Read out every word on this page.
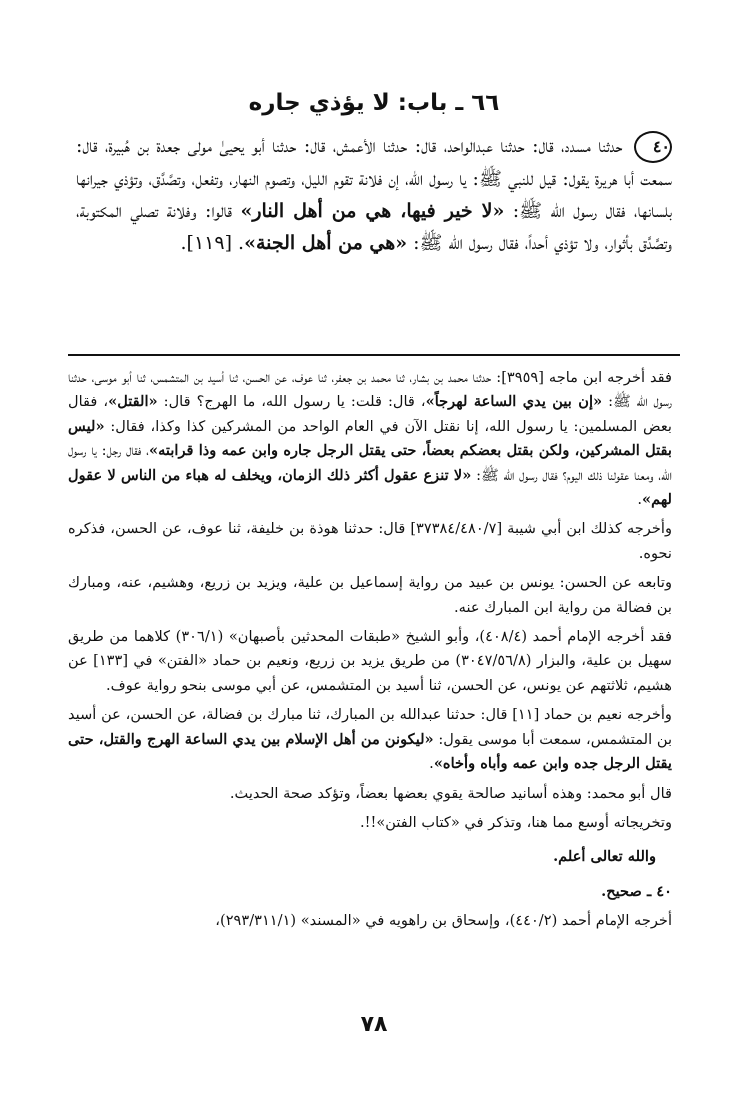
٦٦ ـ باب: لا يؤذي جاره
٤٠ حدثنا مسدد، قال: حدثنا عبدالواحد، قال: حدثنا الأعمش، قال: حدثنا أبو يحيىٰ مولى جعدة بن هُبيرة، قال: سمعت أبا هريرة يقول: قيل للنبي ﷺ: يا رسول الله، إن فلانة تقوم الليل، وتصوم النهار، وتفعل، وتصَّدَّق، وتؤذي جيرانها بلسانها، فقال رسول الله ﷺ: «لا خير فيها، هي من أهل النار» قالوا: وفلانة تصلي المكتوبة، وتصَّدَّق بأثوار، ولا تؤذي أحداً، فقال رسول الله ﷺ: «هي من أهل الجنة». [١١٩].

فقد أخرجه ابن ماجه [٣٩٥٩]: حدثنا محمد بن بشار، ثنا محمد بن جعفر، ثنا عوف، عن الحسن، ثنا أسيد بن المتشمس، ثنا أبو موسى، حدثنا رسول الله ﷺ: «إن بين يدي الساعة لهرجاً»، قال: قلت: يا رسول الله، ما الهرج؟ قال: «القتل»، فقال بعض المسلمين: يا رسول الله، إنا نقتل الآن في العام الواحد من المشركين كذا وكذا، فقال: «ليس بقتل المشركين، ولكن بقتل بعضكم بعضاً، حتى يقتل الرجل جاره وابن عمه وذا قرابته»، فقال رجل: يا رسول الله، ومعنا عقولنا ذلك اليوم؟ فقال رسول الله ﷺ: «لا تنزع عقول أكثر ذلك الزمان، ويخلف له هباء من الناس لا عقول لهم».

وأخرجه كذلك ابن أبي شيبة [٣٧٣٨٤/٤٨٠/٧] قال: حدثنا هوذة بن خليفة، ثنا عوف، عن الحسن، فذكره نحوه.

وتابعه عن الحسن: يونس بن عبيد من رواية إسماعيل بن علية، ويزيد بن زريع، وهشيم، عنه، ومبارك بن فضالة من رواية ابن المبارك عنه.

فقد أخرجه الإمام أحمد (٤٠٨/٤)، وأبو الشيخ «طبقات المحدثين بأصبهان» (٣٠٦/١) كلاهما من طريق سهيل بن علية، والبزار (٣٠٤٧/٥٦/٨) من طريق يزيد بن زريع، ونعيم بن حماد «الفتن» في [١٣٣] عن هشيم، ثلاثتهم عن يونس، عن الحسن، ثنا أسيد بن المتشمس، عن أبي موسى بنحو رواية عوف.

وأخرجه نعيم بن حماد [١١] قال: حدثنا عبدالله بن المبارك، ثنا مبارك بن فضالة، عن الحسن، عن أسيد بن المتشمس، سمعت أبا موسى يقول: «ليكونن من أهل الإسلام بين يدي الساعة الهرج والقتل، حتى يقتل الرجل جده وابن عمه وأباه وأخاه».

قال أبو محمد: وهذه أسانيد صالحة يقوي بعضها بعضاً، وتؤكد صحة الحديث.

وتخريجاته أوسع مما هنا، وتذكر في «كتاب الفتن»!!.

والله تعالى أعلم.

٤٠ ـ صحيح.

أخرجه الإمام أحمد (٤٤٠/٢)، وإسحاق بن راهويه في «المسند» (٢٩٣/٣١١/١)،

٧٨
